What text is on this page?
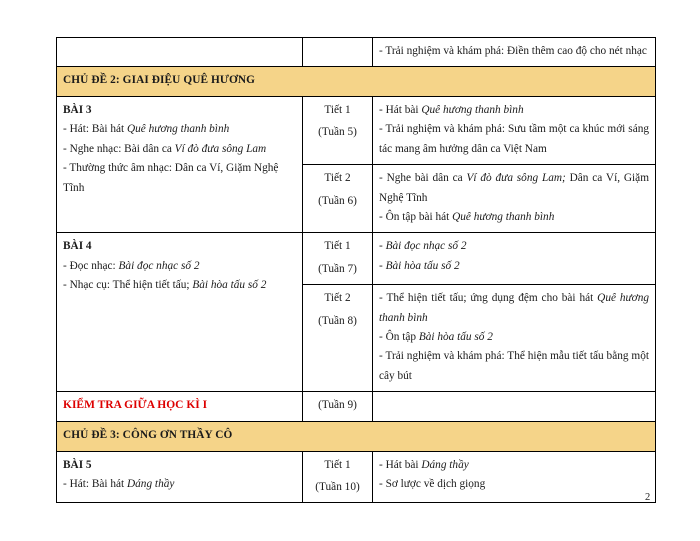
		- Trải nghiệm và khám phá: Điền thêm cao độ cho nét nhạc

CHỦ ĐỀ 2: GIAI ĐIỆU QUÊ HƯƠNG		

BÀI 3
- Hát: Bài hát Quê hương thanh bình
- Nghe nhạc: Bài dân ca Ví đò đưa sông Lam
- Thường thức âm nhạc: Dân ca Ví, Giặm Nghệ Tĩnh	Tiết 1
(Tuần 5)	- Hát bài Quê hương thanh bình
- Trải nghiệm và khám phá: Sưu tầm một ca khúc mới sáng tác mang âm hưởng dân ca Việt Nam

	Tiết 2
(Tuần 6)	- Nghe bài dân ca Ví đò đưa sông Lam; Dân ca Ví, Giặm Nghệ Tĩnh
- Ôn tập bài hát Quê hương thanh bình

BÀI 4
- Đọc nhạc: Bài đọc nhạc số 2
- Nhạc cụ: Thể hiện tiết tấu; Bài hòa tấu số 2	Tiết 1
(Tuần 7)	- Bài đọc nhạc số 2
- Bài hòa tấu số 2

	Tiết 2
(Tuần 8)	- Thể hiện tiết tấu; ứng dụng đệm cho bài hát Quê hương thanh bình
- Ôn tập Bài hòa tấu số 2
- Trải nghiệm và khám phá: Thể hiện mẫu tiết tấu bằng một cây bút

KIỂM TRA GIỮA HỌC KÌ I	(Tuần 9)	

CHỦ ĐỀ 3: CÔNG ƠN THẦY CÔ		

BÀI 5
- Hát: Bài hát Dáng thầy	Tiết 1
(Tuần 10)	- Hát bài Dáng thầy
- Sơ lược về dịch giọng
2
